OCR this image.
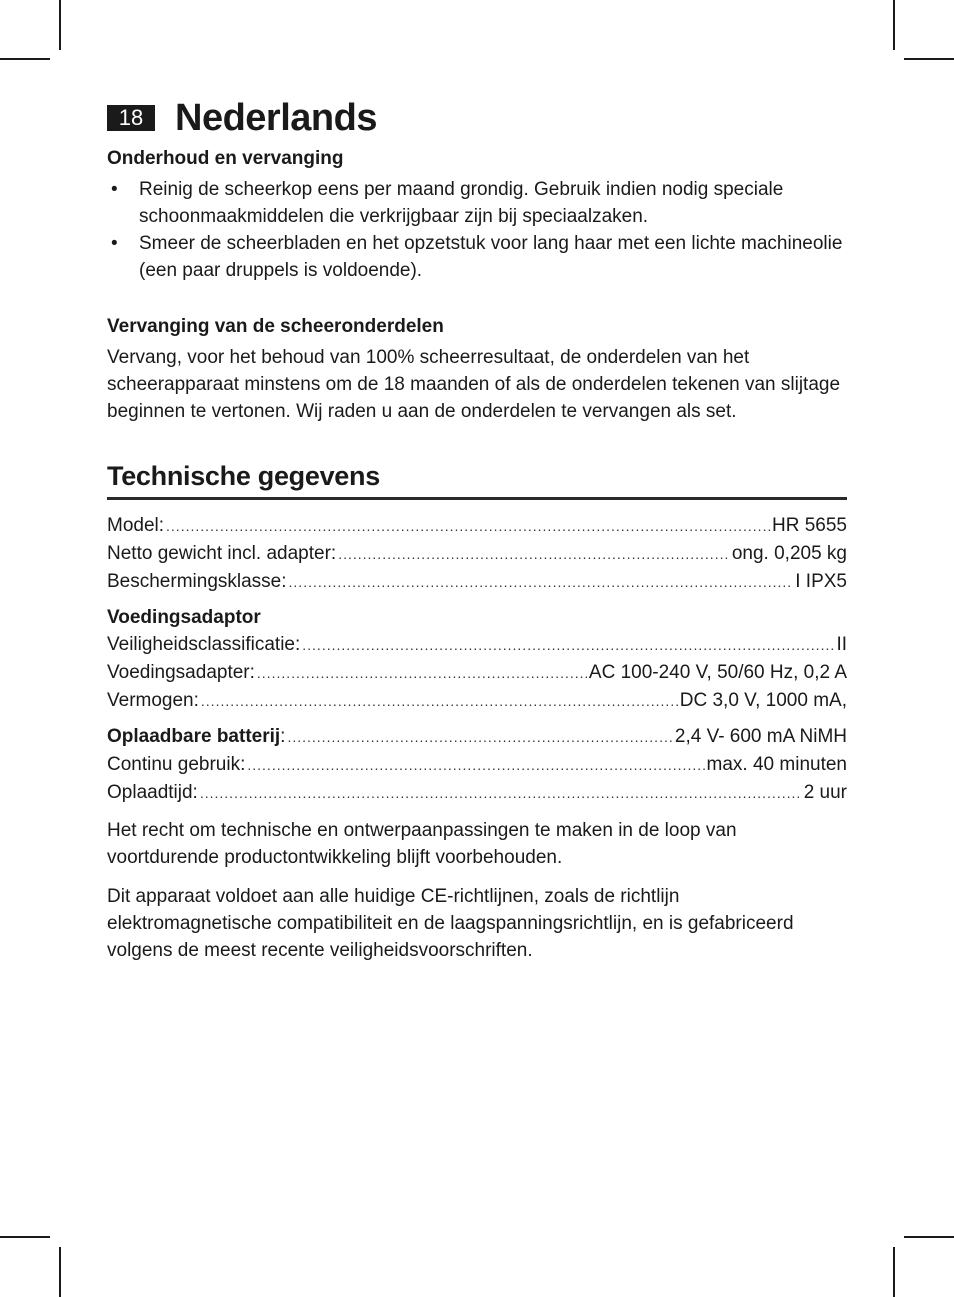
18 Nederlands
Onderhoud en vervanging
• Reinig de scheerkop eens per maand grondig. Gebruik indien nodig speciale schoonmaakmiddelen die verkrijgbaar zijn bij speciaalzaken.
• Smeer de scheerbladen en het opzetstuk voor lang haar met een lichte machineolie (een paar druppels is voldoende).
Vervanging van de scheeronderdelen

Vervang, voor het behoud van 100% scheerresultaat, de onderdelen van het scheerapparaat minstens om de 18 maanden of als de onderdelen tekenen van slijtage beginnen te vertonen. Wij raden u aan de onderdelen te vervangen als set.

Technische gegevens
Model: .....	HR 5655
Netto gewicht incl. adapter: .....	ong. 0,205 kg
Beschermingsklasse: .....	I IPX5
Voedingsadaptor
Veiligheidsclassificatie: .....	II
Voedingsadapter: .....	AC 100-240 V, 50/60 Hz, 0,2 A
Vermogen: .....	DC 3,0 V, 1000 mA,
Oplaadbare batterij: .....	2,4 V- 600 mA NiMH
Continu gebruik: .....	max. 40 minuten
Oplaadtijd: .....	2 uur

Het recht om technische en ontwerpaanpassingen te maken in de loop van voortdurende productontwikkeling blijft voorbehouden.

Dit apparaat voldoet aan alle huidige CE-richtlijnen, zoals de richtlijn elektromagnetische compatibiliteit en de laagspanningsrichtlijn, en is gefabriceerd volgens de meest recente veiligheidsvoorschriften.
